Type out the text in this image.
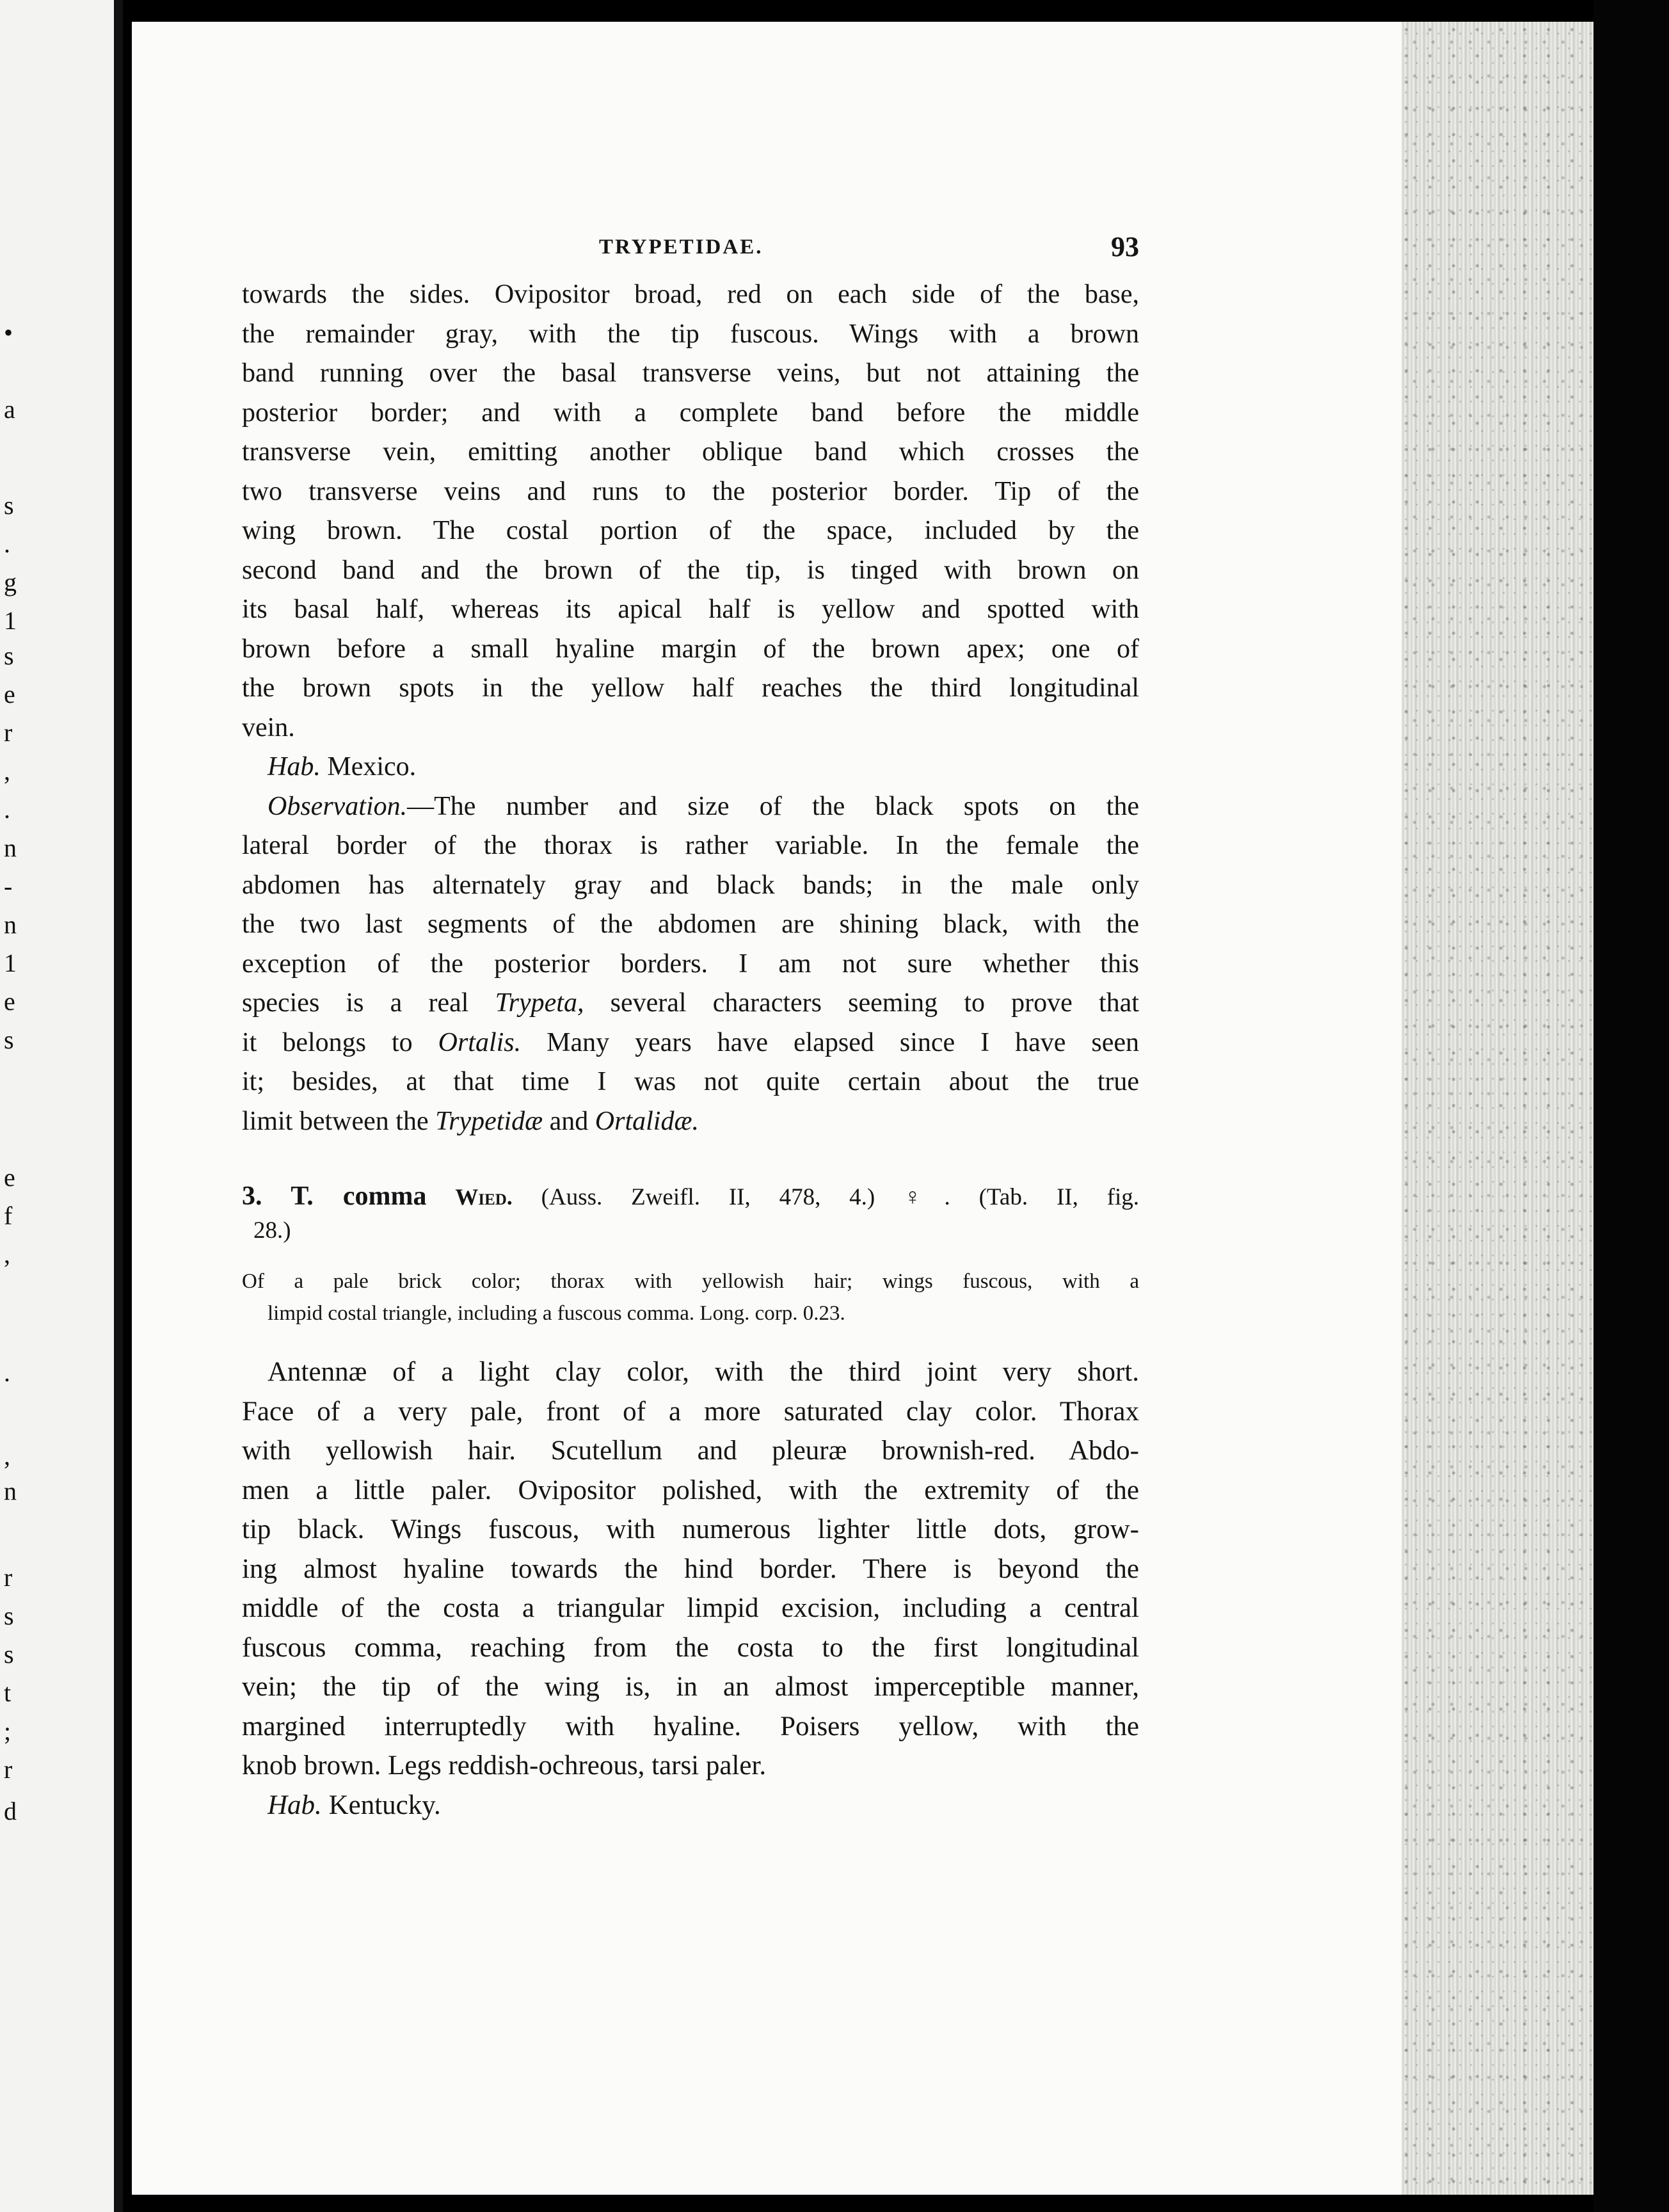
•
a
s
.
g
1
s
e
r
,
.
n
-
n
1
e
s
e
f
,
.
,
n
r
s
s
t
;
r
d
TRYPETIDAE.	93

towards the sides. Ovipositor broad, red on each side of the base,
the remainder gray, with the tip fuscous. Wings with a brown
band running over the basal transverse veins, but not attaining the
posterior border; and with a complete band before the middle
transverse vein, emitting another oblique band which crosses the
two transverse veins and runs to the posterior border. Tip of the
wing brown. The costal portion of the space, included by the
second band and the brown of the tip, is tinged with brown on
its basal half, whereas its apical half is yellow and spotted with
brown before a small hyaline margin of the brown apex; one of
the brown spots in the yellow half reaches the third longitudinal
vein.

Hab. Mexico.

Observation.—The number and size of the black spots on the
lateral border of the thorax is rather variable. In the female the
abdomen has alternately gray and black bands; in the male only
the two last segments of the abdomen are shining black, with the
exception of the posterior borders. I am not sure whether this
species is a real Trypeta, several characters seeming to prove that
it belongs to Ortalis. Many years have elapsed since I have seen
it; besides, at that time I was not quite certain about the true
limit between the Trypetidæ and Ortalidæ.

3. T. comma Wied. (Auss. Zweifl. II, 478, 4.) ♀. (Tab. II, fig.
28.)
Of a pale brick color; thorax with yellowish hair; wings fuscous, with a
limpid costal triangle, including a fuscous comma. Long. corp. 0.23.
Antennæ of a light clay color, with the third joint very short.
Face of a very pale, front of a more saturated clay color. Thorax
with yellowish hair. Scutellum and pleuræ brownish-red. Abdo-
men a little paler. Ovipositor polished, with the extremity of the
tip black. Wings fuscous, with numerous lighter little dots, grow-
ing almost hyaline towards the hind border. There is beyond the
middle of the costa a triangular limpid excision, including a central
fuscous comma, reaching from the costa to the first longitudinal
vein; the tip of the wing is, in an almost imperceptible manner,
margined interruptedly with hyaline. Poisers yellow, with the
knob brown. Legs reddish-ochreous, tarsi paler.
Hab. Kentucky.
